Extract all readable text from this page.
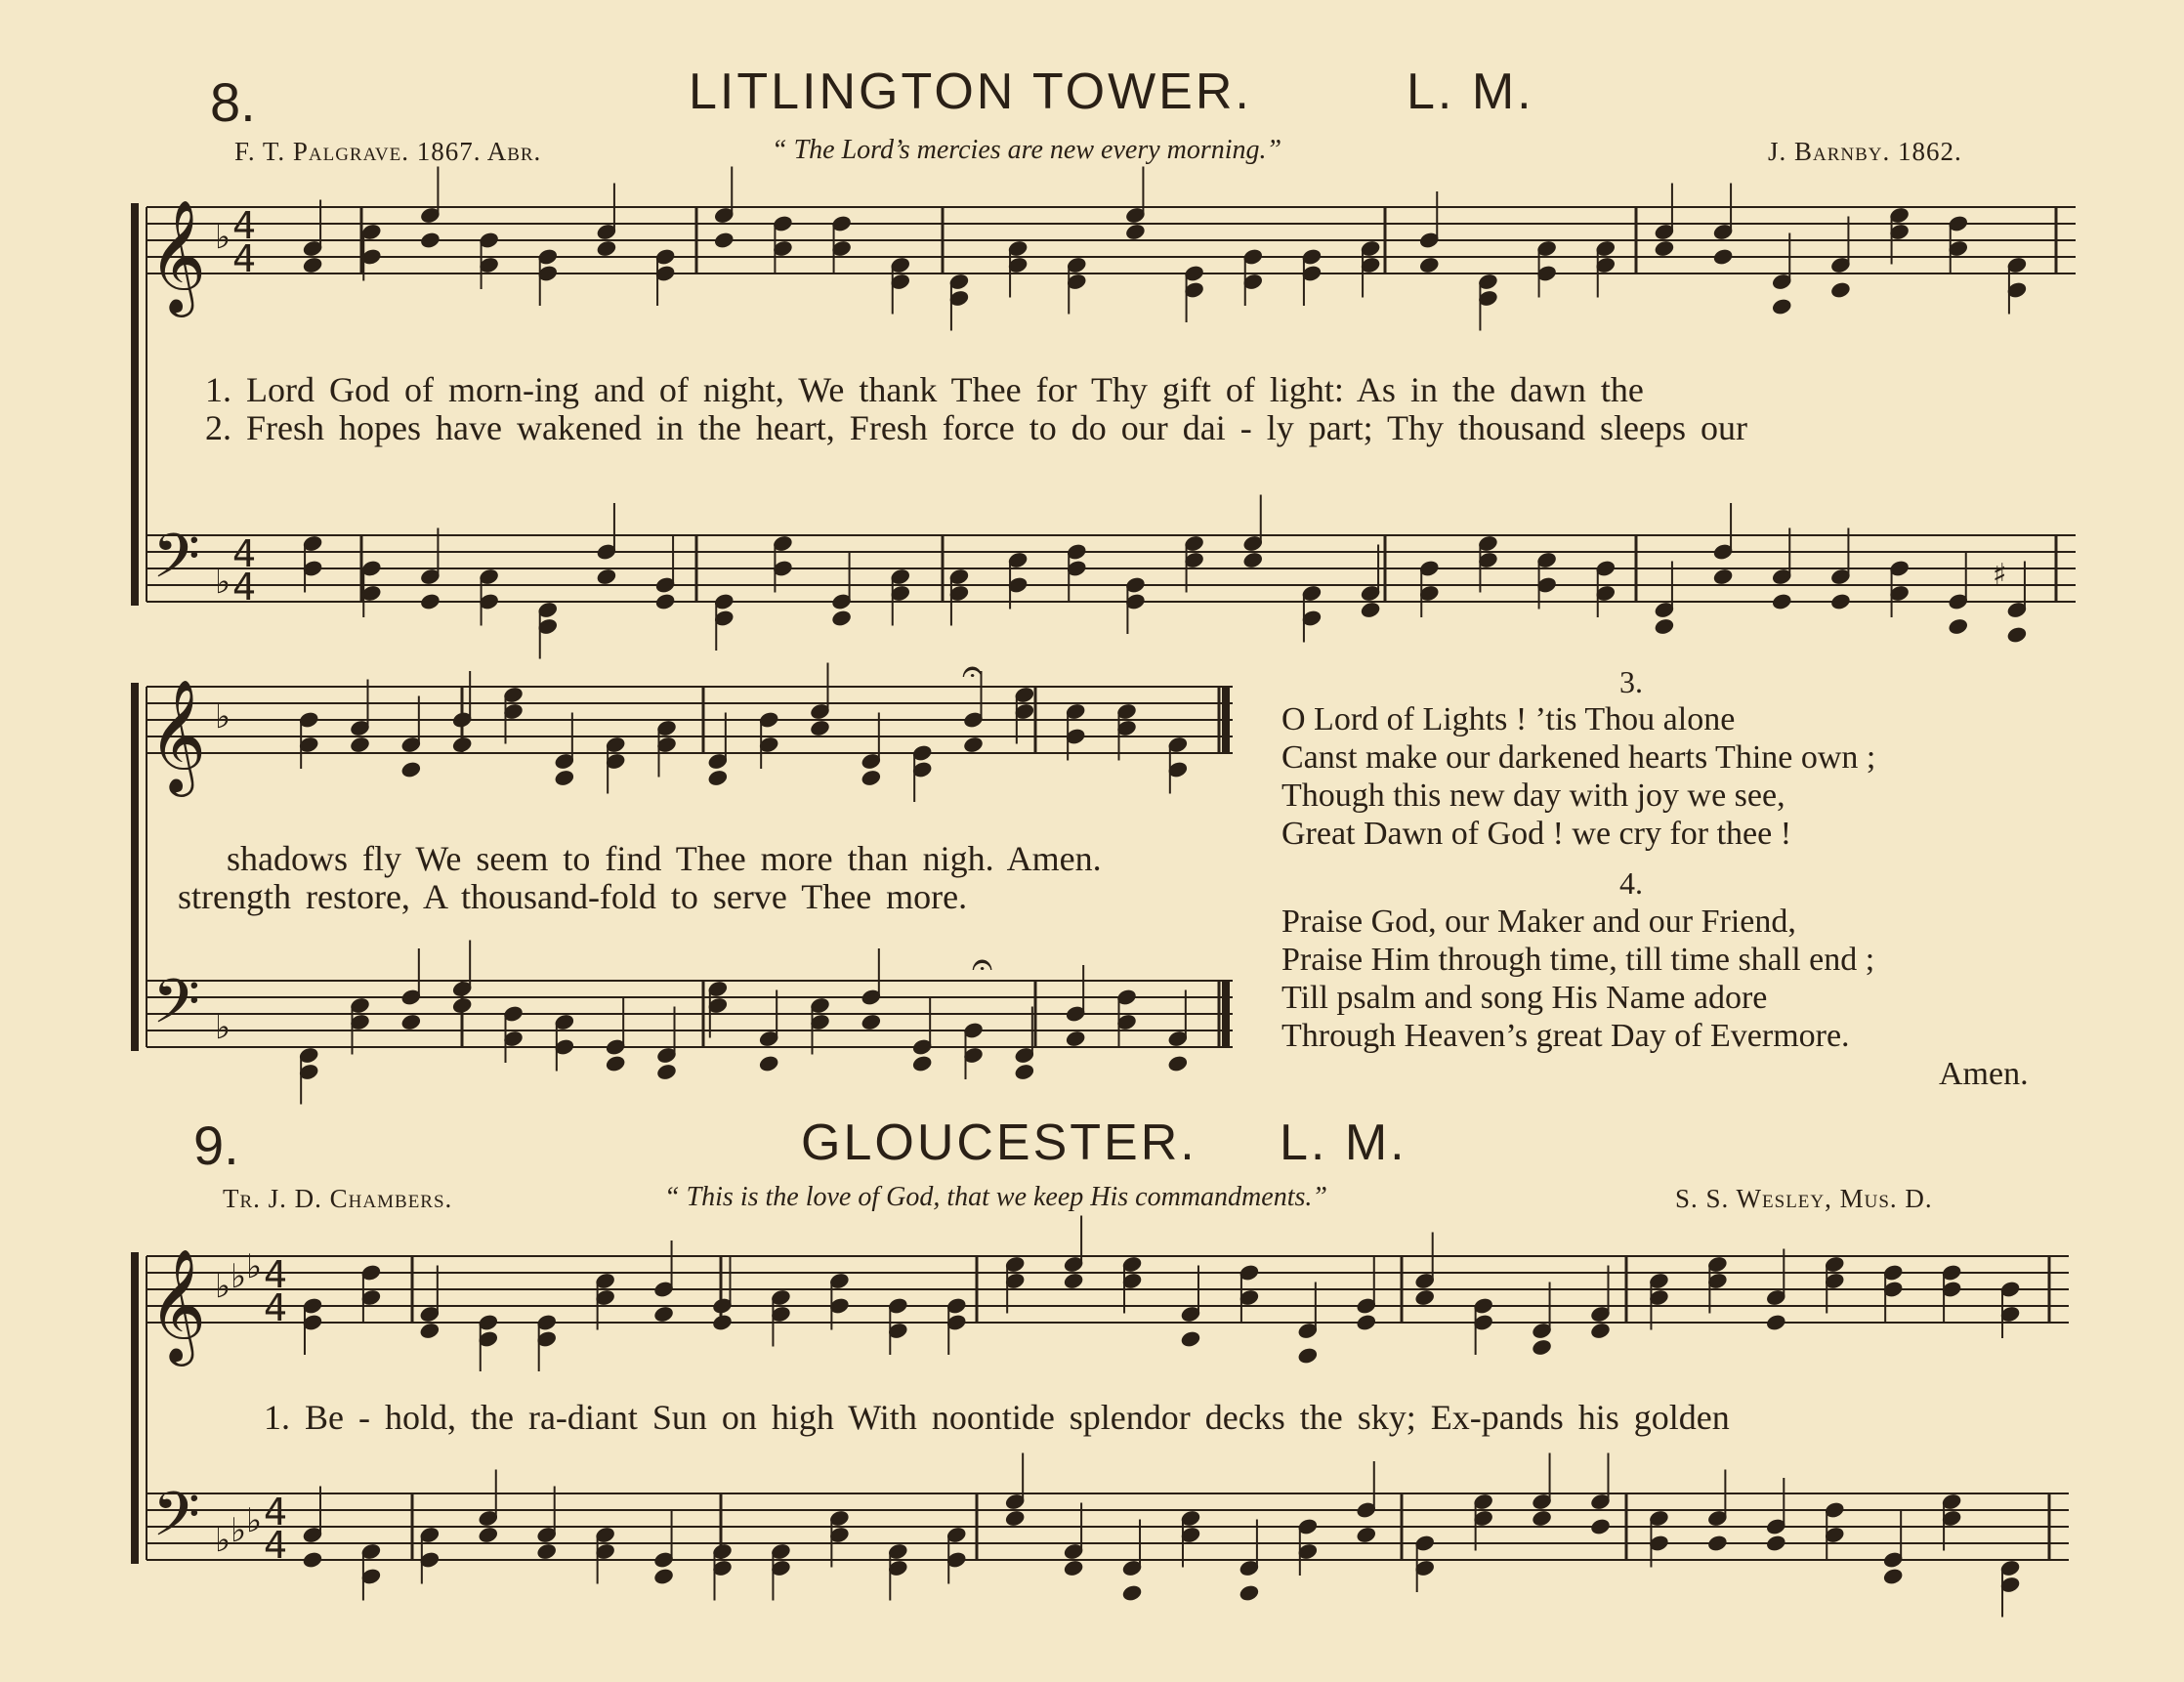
8.	LITLINGTON TOWER.	L. M.
F. T. Palgrave. 1867. Abr.	“ The Lord’s mercies are new every morning.”	J. Barnby. 1862.
1. Lord God of morn-ing and of night, We thank Thee for Thy gift of light: As in the dawn the
2. Fresh hopes have wakened in the heart, Fresh force to do our dai - ly part; Thy thousand sleeps our
shadows fly We seem to find Thee more than nigh. Amen.
strength restore, A thousand-fold to serve Thee more.
3.
O Lord of Lights ! ’tis Thou alone
Canst make our darkened hearts Thine own ;
Though this new day with joy we see,
Great Dawn of God ! we cry for thee !
4.
Praise God, our Maker and our Friend,
Praise Him through time, till time shall end ;
Till psalm and song His Name adore
Through Heaven’s great Day of Evermore.
Amen.
9.	GLOUCESTER. L. M.
Tr. J. D. Chambers.	“ This is the love of God, that we keep His commandments.”	S. S. Wesley, Mus. D.
1. Be - hold, the ra-diant Sun on high With noontide splendor decks the sky; Ex-pands his golden
𝄞
𝄢
♭
♭
4
4
4
4
𝄞
𝄢
♭
♭
𝄞
𝄢
♭
♭
♭
♭
♭
♭
4
4
4
4
𝄐
𝄐
♯
